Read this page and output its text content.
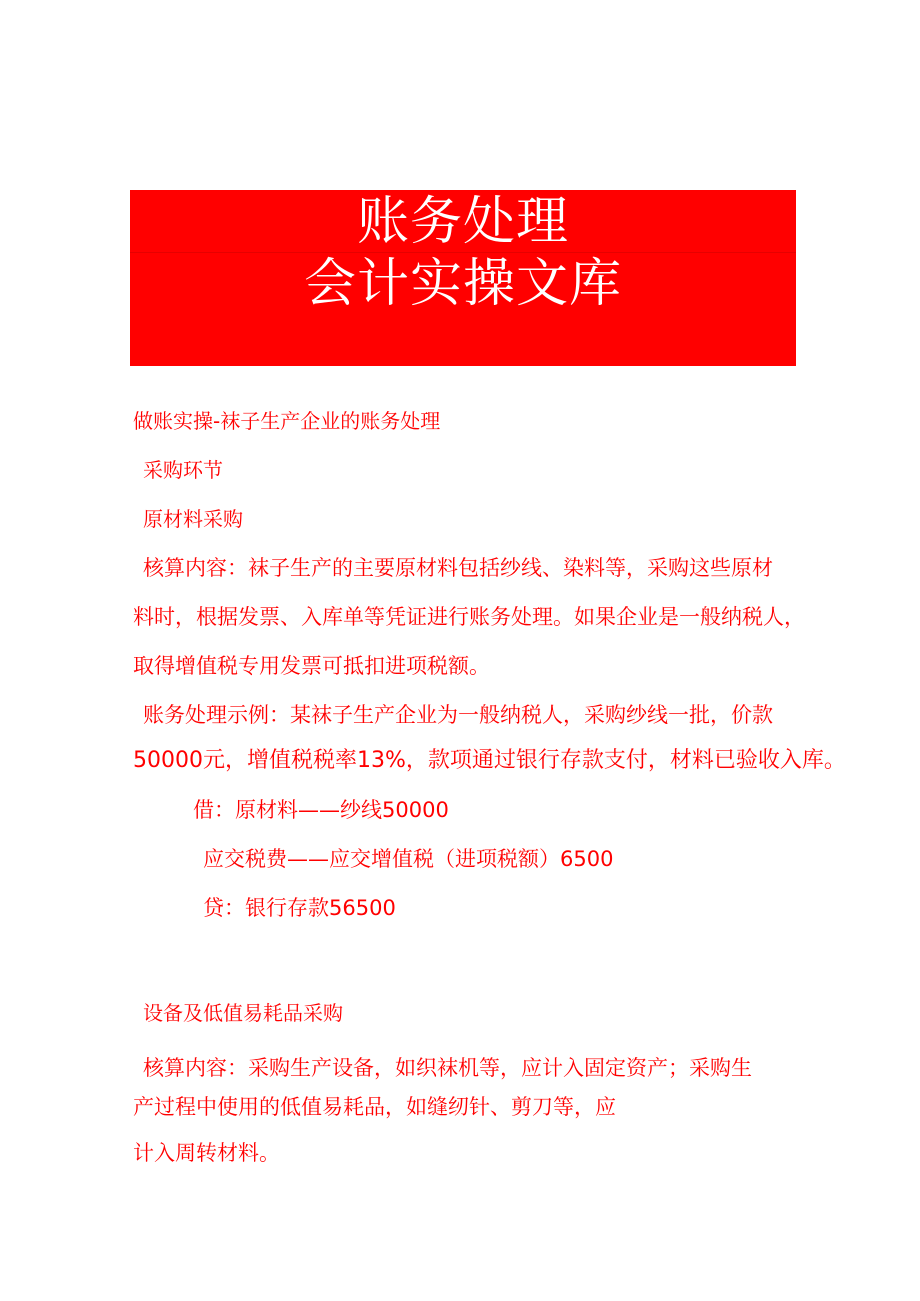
账务处理
会计实操文库
做账实操-袜子生产企业的账务处理
采购环节
原材料采购
核算内容：袜子生产的主要原材料包括纱线、染料等，采购这些原材
料时，根据发票、入库单等凭证进行账务处理。如果企业是一般纳税人，
取得增值税专用发票可抵扣进项税额。
账务处理示例：某袜子生产企业为一般纳税人，采购纱线一批，价款
50000元，增值税税率13%，款项通过银行存款支付，材料已验收入库。
借：原材料——纱线50000
应交税费——应交增值税（进项税额）6500
贷：银行存款56500
设备及低值易耗品采购
核算内容：采购生产设备，如织袜机等，应计入固定资产；采购生
产过程中使用的低值易耗品，如缝纫针、剪刀等，应
计入周转材料。
